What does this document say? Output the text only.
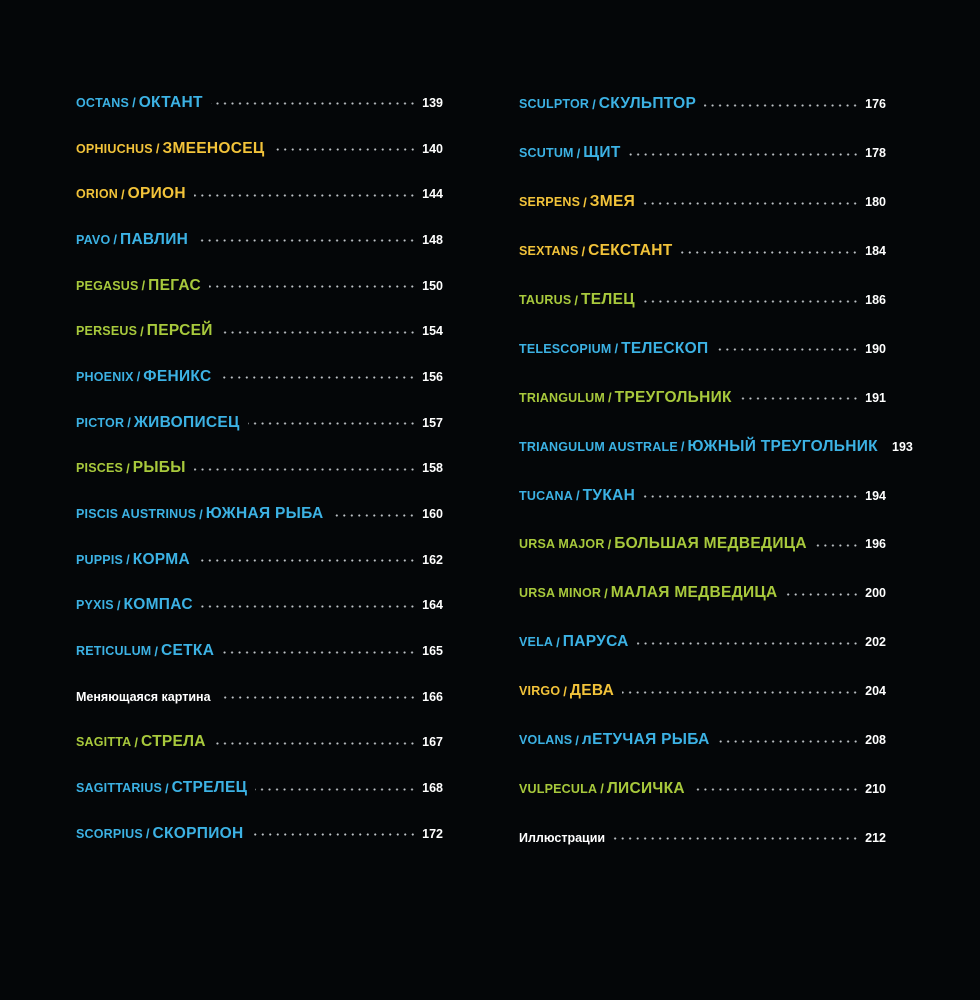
OCTANS / ОКТАНТ	139
OPHIUCHUS / ЗМЕЕНОСЕЦ	140
ORION / ОРИОН	144
PAVO / ПАВЛИН	148
PEGASUS / ПЕГАС	150
PERSEUS / ПЕРСЕЙ	154
PHOENIX / ФЕНИКС	156
PICTOR / ЖИВОПИСЕЦ	157
PISCES / РЫБЫ	158
PISCIS AUSTRINUS / ЮЖНАЯ РЫБА	160
PUPPIS / КОРМА	162
PYXIS / КОМПАС	164
RETICULUM / СЕТКА	165
Меняющаяся картина	166
SAGITTA / СТРЕЛА	167
SAGITTARIUS / СТРЕЛЕЦ	168
SCORPIUS / СКОРПИОН	172
SCULPTOR / СКУЛЬПТОР	176
SCUTUM / ЩИТ	178
SERPENS / ЗМЕЯ	180
SEXTANS / СЕКСТАНТ	184
TAURUS / ТЕЛЕЦ	186
TELESCOPIUM / ТЕЛЕСКОП	190
TRIANGULUM / ТРЕУГОЛЬНИК	191
TRIANGULUM AUSTRALE / ЮЖНЫЙ ТРЕУГОЛЬНИК 193
TUCANA / ТУКАН	194
URSA MAJOR / БОЛЬШАЯ МЕДВЕДИЦА	196
URSA MINOR / МАЛАЯ МЕДВЕДИЦА	200
VELA / ПАРУСА	202
VIRGO / ДЕВА	204
VOLANS / лЕТУЧАЯ РЫБА	208
VULPECULA / ЛИСИЧКА	210
Иллюстрации	212
